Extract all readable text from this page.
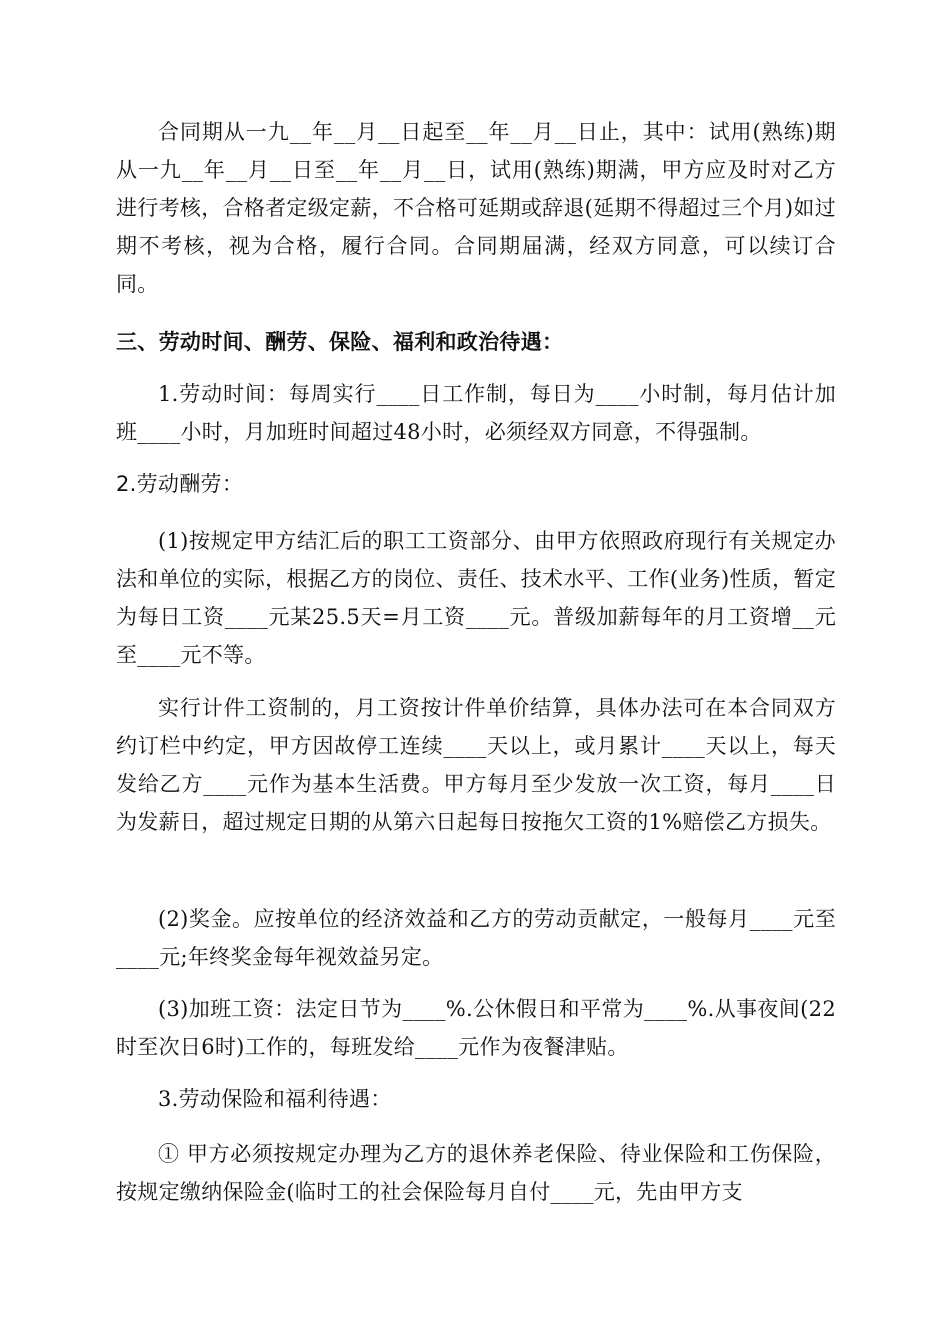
合同期从一九__年__月__日起至__年__月__日止，其中：试用(熟练)期从一九__年__月__日至__年__月__日，试用(熟练)期满，甲方应及时对乙方进行考核，合格者定级定薪，不合格可延期或辞退(延期不得超过三个月)如过期不考核，视为合格，履行合同。合同期届满，经双方同意，可以续订合同。

三、劳动时间、酬劳、保险、福利和政治待遇：

1.劳动时间：每周实行____日工作制，每日为____小时制，每月估计加班____小时，月加班时间超过48小时，必须经双方同意，不得强制。

2.劳动酬劳：

(1)按规定甲方结汇后的职工工资部分、由甲方依照政府现行有关规定办法和单位的实际，根据乙方的岗位、责任、技术水平、工作(业务)性质，暂定为每日工资____元某25.5天=月工资____元。普级加薪每年的月工资增__元至____元不等。

实行计件工资制的，月工资按计件单价结算，具体办法可在本合同双方约订栏中约定，甲方因故停工连续____天以上，或月累计____天以上，每天发给乙方____元作为基本生活费。甲方每月至少发放一次工资，每月____日为发薪日，超过规定日期的从第六日起每日按拖欠工资的1%赔偿乙方损失。

(2)奖金。应按单位的经济效益和乙方的劳动贡献定，一般每月____元至____元;年终奖金每年视效益另定。

(3)加班工资：法定日节为____%.公休假日和平常为____%.从事夜间(22时至次日6时)工作的，每班发给____元作为夜餐津贴。

3.劳动保险和福利待遇：

① 甲方必须按规定办理为乙方的退休养老保险、待业保险和工伤保险，按规定缴纳保险金(临时工的社会保险每月自付____元，先由甲方支
